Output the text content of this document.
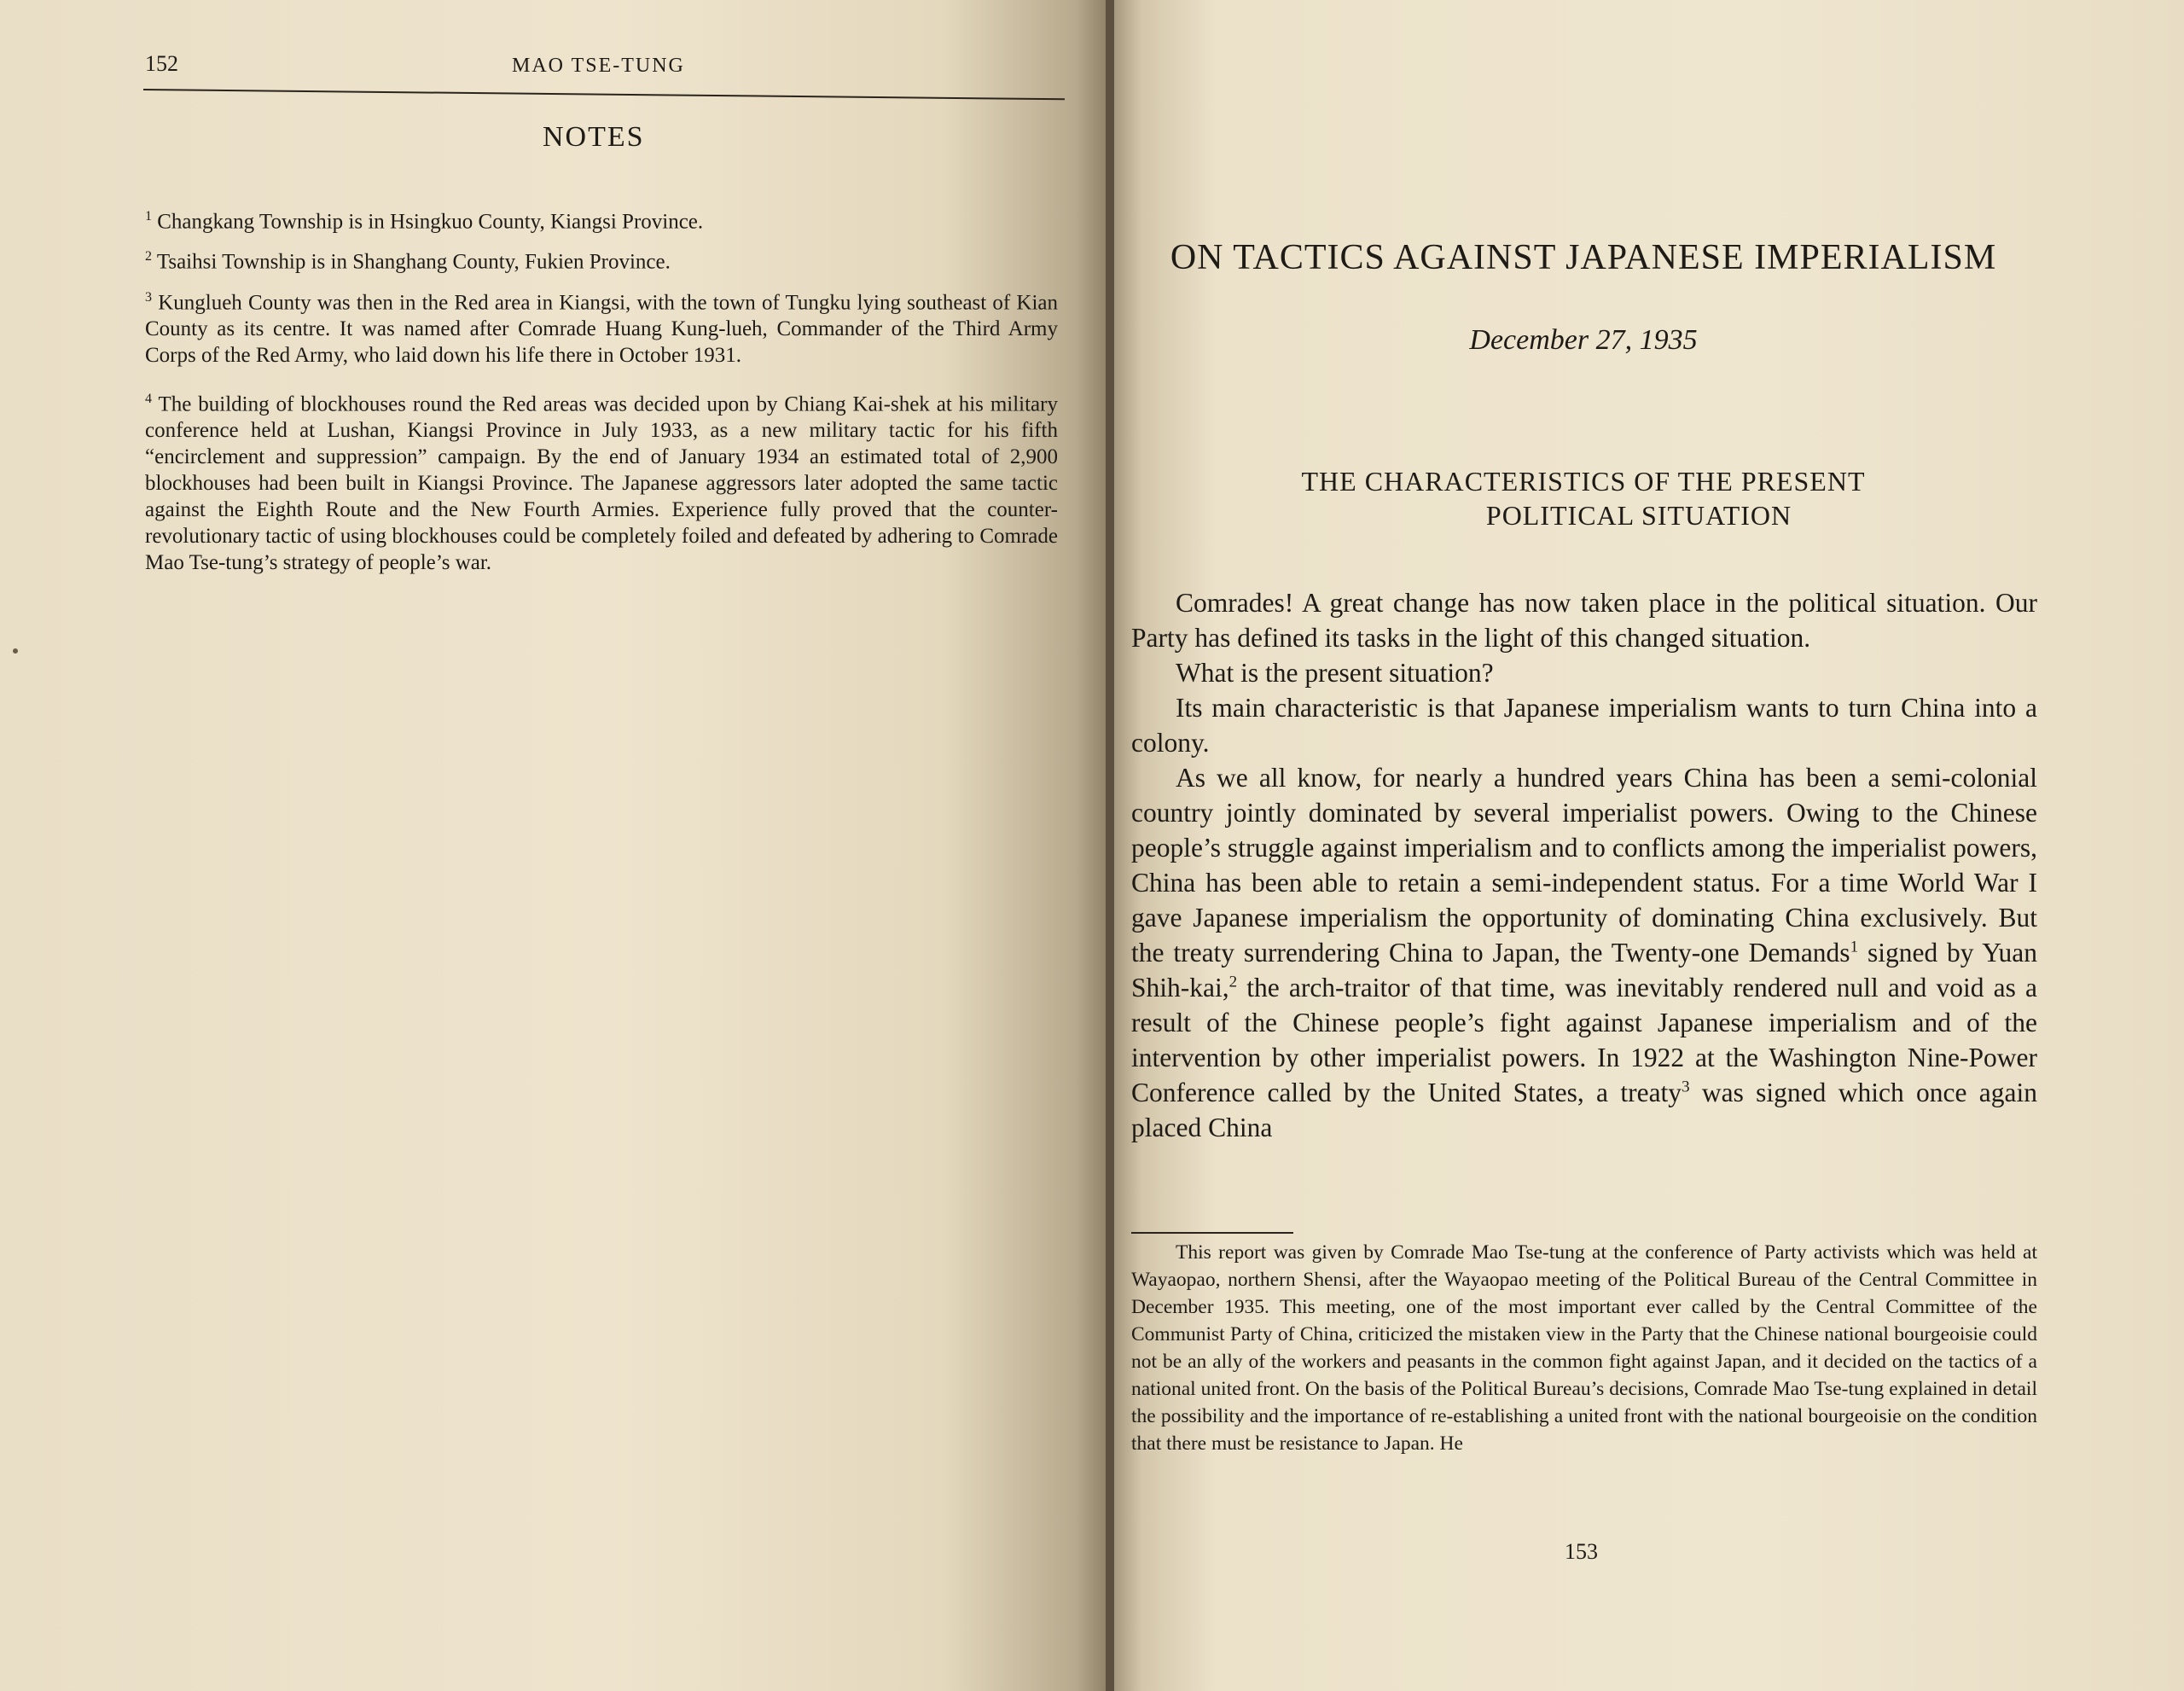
152	MAO TSE-TUNG
NOTES

$^1$ Changkang Township is in Hsingkuo County, Kiangsi Province.

$^2$ Tsaihsi Township is in Shanghang County, Fukien Province.

$^3$ Kunglueh County was then in the Red area in Kiangsi, with the town of Tungku lying southeast of Kian County as its centre. It was named after Comrade Huang Kung-lueh, Commander of the Third Army Corps of the Red Army, who laid down his life there in October 1931.

$^4$ The building of blockhouses round the Red areas was decided upon by Chiang Kai-shek at his military conference held at Lushan, Kiangsi Province in July 1933, as a new military tactic for his fifth “encirclement and suppression” campaign. By the end of January 1934 an estimated total of 2,900 blockhouses had been built in Kiangsi Province. The Japanese aggressors later adopted the same tactic against the Eighth Route and the New Fourth Armies. Experience fully proved that the counter-revolutionary tactic of using blockhouses could be completely foiled and defeated by adhering to Comrade Mao Tse-tung’s strategy of people’s war.

ON TACTICS AGAINST JAPANESE IMPERIALISM
December 27, 1935
THE CHARACTERISTICS OF THE PRESENT
POLITICAL SITUATION

Comrades! A great change has now taken place in the political situation. Our Party has defined its tasks in the light of this changed situation.

What is the present situation?

Its main characteristic is that Japanese imperialism wants to turn China into a colony.

As we all know, for nearly a hundred years China has been a semi-colonial country jointly dominated by several imperialist powers. Owing to the Chinese people’s struggle against imperialism and to conflicts among the imperialist powers, China has been able to retain a semi-independent status. For a time World War I gave Japanese imperialism the opportunity of dominating China exclusively. But the treaty surrendering China to Japan, the Twenty-one Demands$^1$ signed by Yuan Shih-kai,$^2$ the arch-traitor of that time, was inevitably rendered null and void as a result of the Chinese people’s fight against Japanese imperialism and of the intervention by other imperialist powers. In 1922 at the Washington Nine-Power Conference called by the United States, a treaty$^3$ was signed which once again placed China

This report was given by Comrade Mao Tse-tung at the conference of Party activists which was held at Wayaopao, northern Shensi, after the Wayaopao meeting of the Political Bureau of the Central Committee in December 1935. This meeting, one of the most important ever called by the Central Committee of the Communist Party of China, criticized the mistaken view in the Party that the Chinese national bourgeoisie could not be an ally of the workers and peasants in the common fight against Japan, and it decided on the tactics of a national united front. On the basis of the Political Bureau’s decisions, Comrade Mao Tse-tung explained in detail the possibility and the importance of re-establishing a united front with the national bourgeoisie on the condition that there must be resistance to Japan. He
153
